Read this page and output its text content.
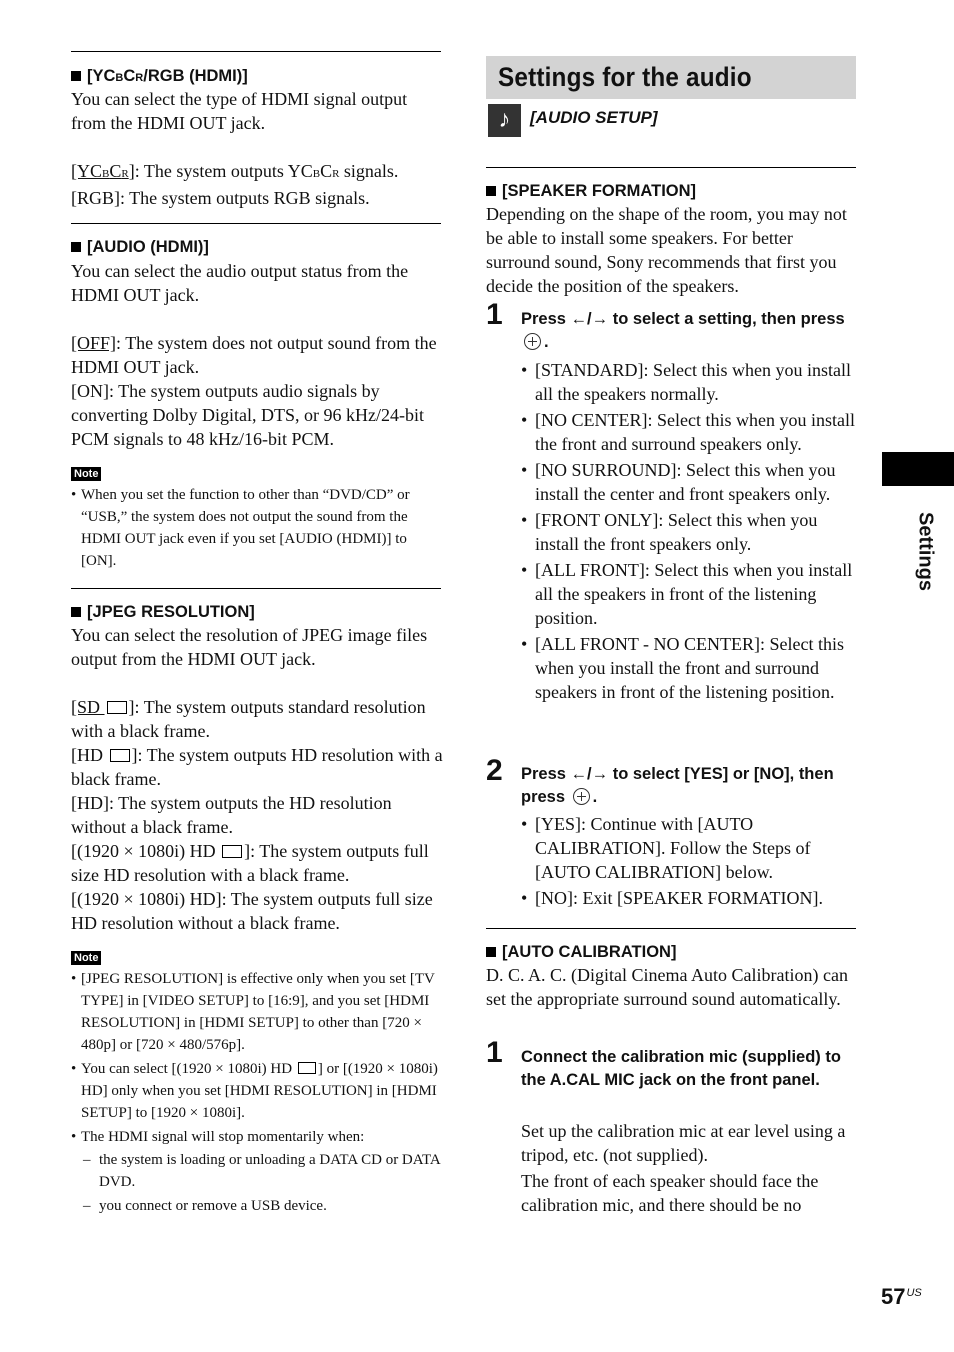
[YCBCR/RGB (HDMI)]

You can select the type of HDMI signal output from the HDMI OUT jack.

[YCBCR]: The system outputs YCBCR signals.

[RGB]: The system outputs RGB signals.

[AUDIO (HDMI)]

You can select the audio output status from the HDMI OUT jack.

[OFF]: The system does not output sound from the HDMI OUT jack.

[ON]: The system outputs audio signals by converting Dolby Digital, DTS, or 96 kHz/24-bit PCM signals to 48 kHz/16-bit PCM.

Note
• When you set the function to other than “DVD/CD” or “USB,” the system does not output the sound from the HDMI OUT jack even if you set [AUDIO (HDMI)] to [ON].
[JPEG RESOLUTION]

You can select the resolution of JPEG image files output from the HDMI OUT jack.

[SD ]: The system outputs standard resolution with a black frame.

[HD ]: The system outputs HD resolution with a black frame.

[HD]: The system outputs the HD resolution without a black frame.

[(1920 × 1080i) HD ]: The system outputs full size HD resolution with a black frame.

[(1920 × 1080i) HD]: The system outputs full size HD resolution without a black frame.

Note
• [JPEG RESOLUTION] is effective only when you set [TV TYPE] in [VIDEO SETUP] to [16:9], and you set [HDMI RESOLUTION] in [HDMI SETUP] to other than [720 × 480p] or [720 × 480/576p].
• You can select [(1920 × 1080i) HD ] or [(1920 × 1080i) HD] only when you set [HDMI RESOLUTION] in [HDMI SETUP] to [1920 × 1080i].
• The HDMI signal will stop momentarily when:
– the system is loading or unloading a DATA CD or DATA DVD.
– you connect or remove a USB device.
Settings for the audio
♪	[AUDIO SETUP]
[SPEAKER FORMATION]

Depending on the shape of the room, you may not be able to install some speakers. For better surround sound, Sony recommends that first you decide the position of the speakers.

1 Press ←/→ to select a setting, then press .
• [STANDARD]: Select this when you install all the speakers normally.
• [NO CENTER]: Select this when you install the front and surround speakers only.
• [NO SURROUND]: Select this when you install the center and front speakers only.
• [FRONT ONLY]: Select this when you install the front speakers only.
• [ALL FRONT]: Select this when you install all the speakers in front of the listening position.
• [ALL FRONT - NO CENTER]: Select this when you install the front and surround speakers in front of the listening position.
2 Press ←/→ to select [YES] or [NO], then press .
• [YES]: Continue with [AUTO CALIBRATION]. Follow the Steps of [AUTO CALIBRATION] below.
• [NO]: Exit [SPEAKER FORMATION].
[AUTO CALIBRATION]

D. C. A. C. (Digital Cinema Auto Calibration) can set the appropriate surround sound automatically.

1 Connect the calibration mic (supplied) to the A.CAL MIC jack on the front panel.

Set up the calibration mic at ear level using a tripod, etc. (not supplied).

The front of each speaker should face the calibration mic, and there should be no

Settings
$57^{US}$
